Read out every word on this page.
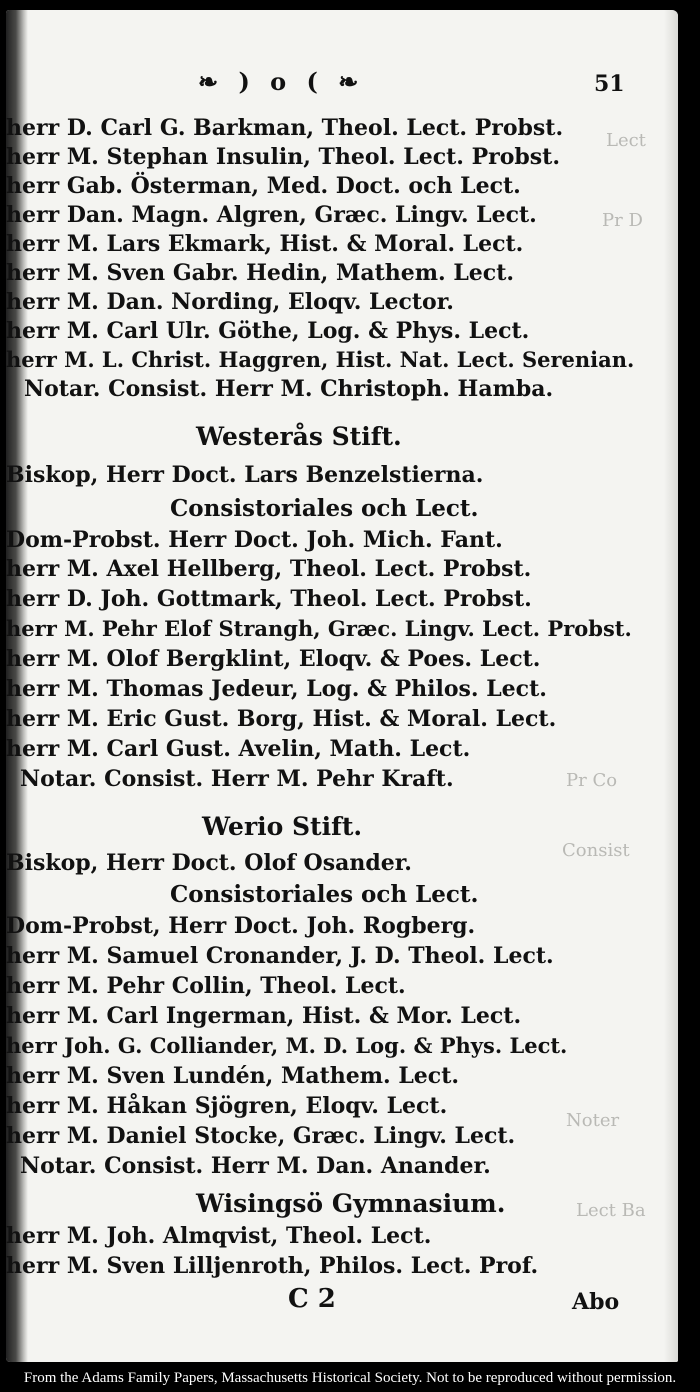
Lect
Pr D
Pr Co
Consist
Noter
Lect Ba
❧ ) o ( ❧	51
herr D. Carl G. Barkman, Theol. Lect. Probst.
herr M. Stephan Insulin, Theol. Lect. Probst.
herr Gab. Österman, Med. Doct. och Lect.
herr Dan. Magn. Algren, Græc. Lingv. Lect.
herr M. Lars Ekmark, Hist. & Moral. Lect.
herr M. Sven Gabr. Hedin, Mathem. Lect.
herr M. Dan. Nording, Eloqv. Lector.
herr M. Carl Ulr. Göthe, Log. & Phys. Lect.
herr M. L. Christ. Haggren, Hist. Nat. Lect. Serenian.
Notar. Consist. Herr M. Christoph. Hamba.
Westerås Stift.
Biskop, Herr Doct. Lars Benzelstierna.
Consistoriales och Lect.
Dom-Probst. Herr Doct. Joh. Mich. Fant.
herr M. Axel Hellberg, Theol. Lect. Probst.
herr D. Joh. Gottmark, Theol. Lect. Probst.
herr M. Pehr Elof Strangh, Græc. Lingv. Lect. Probst.
herr M. Olof Bergklint, Eloqv. & Poes. Lect.
herr M. Thomas Jedeur, Log. & Philos. Lect.
herr M. Eric Gust. Borg, Hist. & Moral. Lect.
herr M. Carl Gust. Avelin, Math. Lect.
Notar. Consist. Herr M. Pehr Kraft.
Werio Stift.
Biskop, Herr Doct. Olof Osander.
Consistoriales och Lect.
Dom-Probst, Herr Doct. Joh. Rogberg.
herr M. Samuel Cronander, J. D. Theol. Lect.
herr M. Pehr Collin, Theol. Lect.
herr M. Carl Ingerman, Hist. & Mor. Lect.
herr Joh. G. Colliander, M. D. Log. & Phys. Lect.
herr M. Sven Lundén, Mathem. Lect.
herr M. Håkan Sjögren, Eloqv. Lect.
herr M. Daniel Stocke, Græc. Lingv. Lect.
Notar. Consist. Herr M. Dan. Anander.
Wisingsö Gymnasium.
herr M. Joh. Almqvist, Theol. Lect.
herr M. Sven Lilljenroth, Philos. Lect. Prof.
C 2	Abo
From the Adams Family Papers, Massachusetts Historical Society. Not to be reproduced without permission.
